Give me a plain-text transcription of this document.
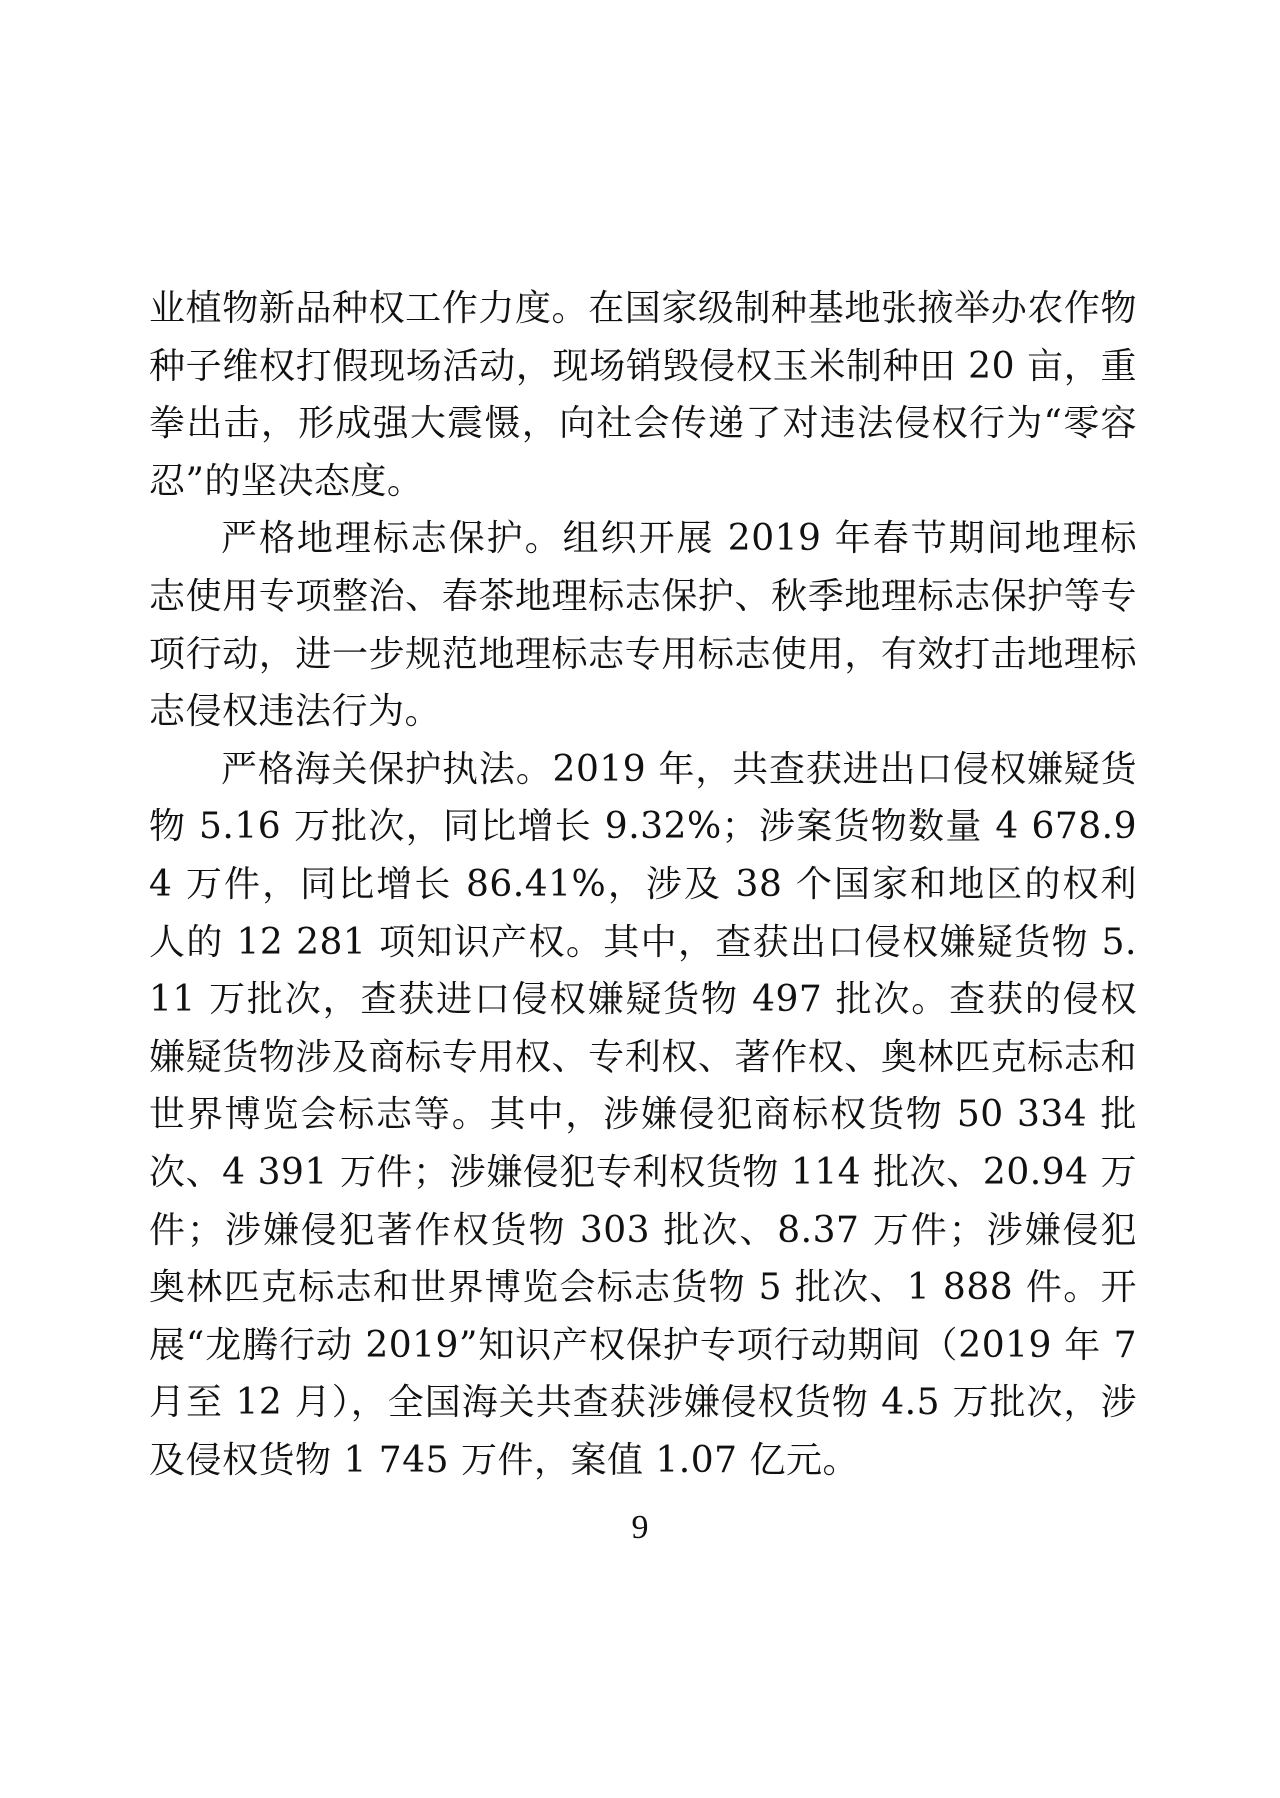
业植物新品种权工作力度。在国家级制种基地张掖举办农作物种子维权打假现场活动，现场销毁侵权玉米制种田 20 亩，重拳出击，形成强大震慑，向社会传递了对违法侵权行为“零容忍”的坚决态度。

严格地理标志保护。组织开展 2019 年春节期间地理标志使用专项整治、春茶地理标志保护、秋季地理标志保护等专项行动，进一步规范地理标志专用标志使用，有效打击地理标志侵权违法行为。

严格海关保护执法。2019 年，共查获进出口侵权嫌疑货物 5.16 万批次，同比增长 9.32%；涉案货物数量 4 678.94 万件，同比增长 86.41%，涉及 38 个国家和地区的权利人的 12 281 项知识产权。其中，查获出口侵权嫌疑货物 5.11 万批次，查获进口侵权嫌疑货物 497 批次。查获的侵权嫌疑货物涉及商标专用权、专利权、著作权、奥林匹克标志和世界博览会标志等。其中，涉嫌侵犯商标权货物 50 334 批次、4 391 万件；涉嫌侵犯专利权货物 114 批次、20.94 万件；涉嫌侵犯著作权货物 303 批次、8.37 万件；涉嫌侵犯奥林匹克标志和世界博览会标志货物 5 批次、1 888 件。开展“龙腾行动 2019”知识产权保护专项行动期间（2019 年 7 月至 12 月），全国海关共查获涉嫌侵权货物 4.5 万批次，涉及侵权货物 1 745 万件，案值 1.07 亿元。

9
